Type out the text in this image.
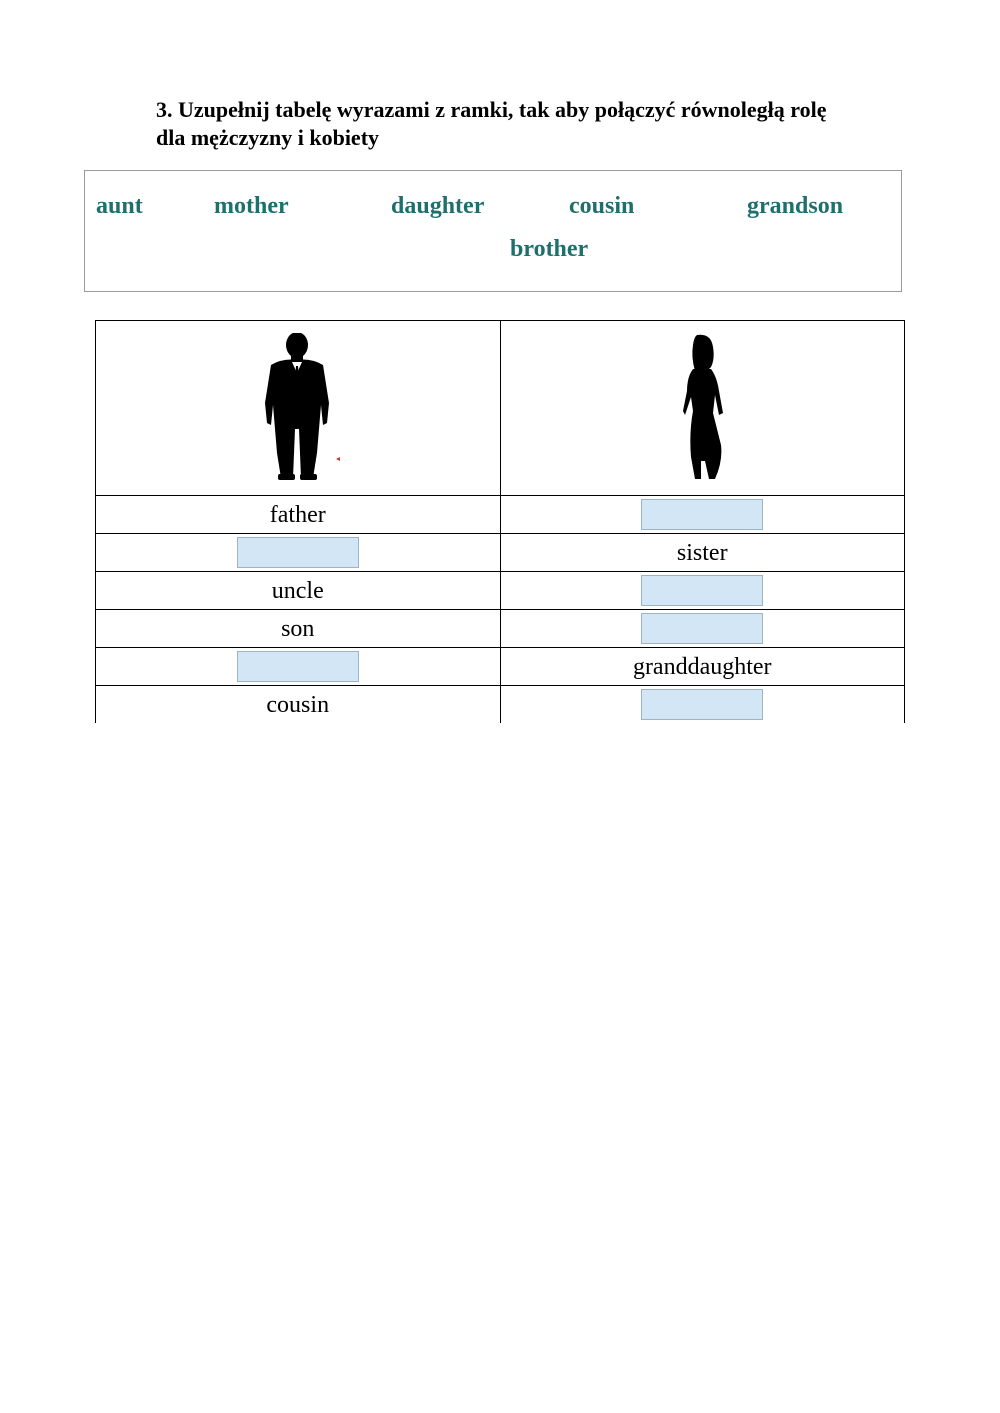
3. Uzupełnij tabelę wyrazami z ramki, tak aby połączyć równoległą rolę
dla mężczyzny i kobiety
aunt	mother	daughter	cousin	grandson
brother

father	
	sister
uncle	
son	
	granddaughter
cousin	
